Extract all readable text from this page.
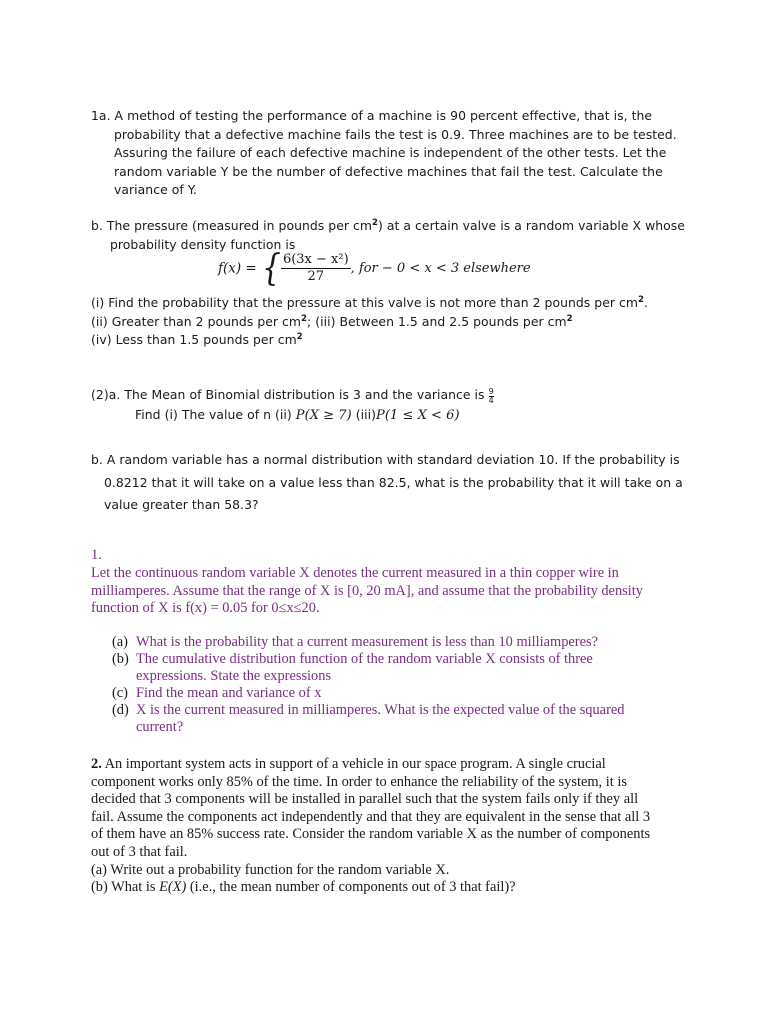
1a. A method of testing the performance of a machine is 90 percent effective, that is, the
probability that a defective machine fails the test is 0.9. Three machines are to be tested.
Assuring the failure of each defective machine is independent of the other tests. Let the
random variable Y be the number of defective machines that fail the test. Calculate the
variance of Y.
b. The pressure (measured in pounds per $cm^2$) at a certain valve is a random variable X whose
probability density function is
f(x) = { $\frac{\text{6(3x − x²)}}{27}$ , for − 0 < x < 3 elsewhere
(i) Find the probability that the pressure at this valve is not more than 2 pounds per $cm^2$.
(ii) Greater than 2 pounds per $cm^2$; (iii) Between 1.5 and 2.5 pounds per $cm^2$
(iv) Less than 1.5 pounds per $cm^2$
(2)a. The Mean of Binomial distribution is 3 and the variance is $\frac{9}{4}$
Find (i) The value of n (ii) P(X ≥ 7) (iii)P(1 ≤ X < 6)
b. A random variable has a normal distribution with standard deviation 10. If the probability is
0.8212 that it will take on a value less than 82.5, what is the probability that it will take on a
value greater than 58.3?
1.
Let the continuous random variable X denotes the current measured in a thin copper wire in
milliamperes. Assume that the range of X is [0, 20 mA], and assume that the probability density
function of X is f(x) = 0.05 for 0≤x≤20.
(a) What is the probability that a current measurement is less than 10 milliamperes?
(b) The cumulative distribution function of the random variable X consists of three
expressions. State the expressions
(c) Find the mean and variance of x
(d) X is the current measured in milliamperes. What is the expected value of the squared
current?
2. An important system acts in support of a vehicle in our space program. A single crucial
component works only 85% of the time. In order to enhance the reliability of the system, it is
decided that 3 components will be installed in parallel such that the system fails only if they all
fail. Assume the components act independently and that they are equivalent in the sense that all 3
of them have an 85% success rate. Consider the random variable X as the number of components
out of 3 that fail.
(a) Write out a probability function for the random variable X.
(b) What is E(X) (i.e., the mean number of components out of 3 that fail)?
